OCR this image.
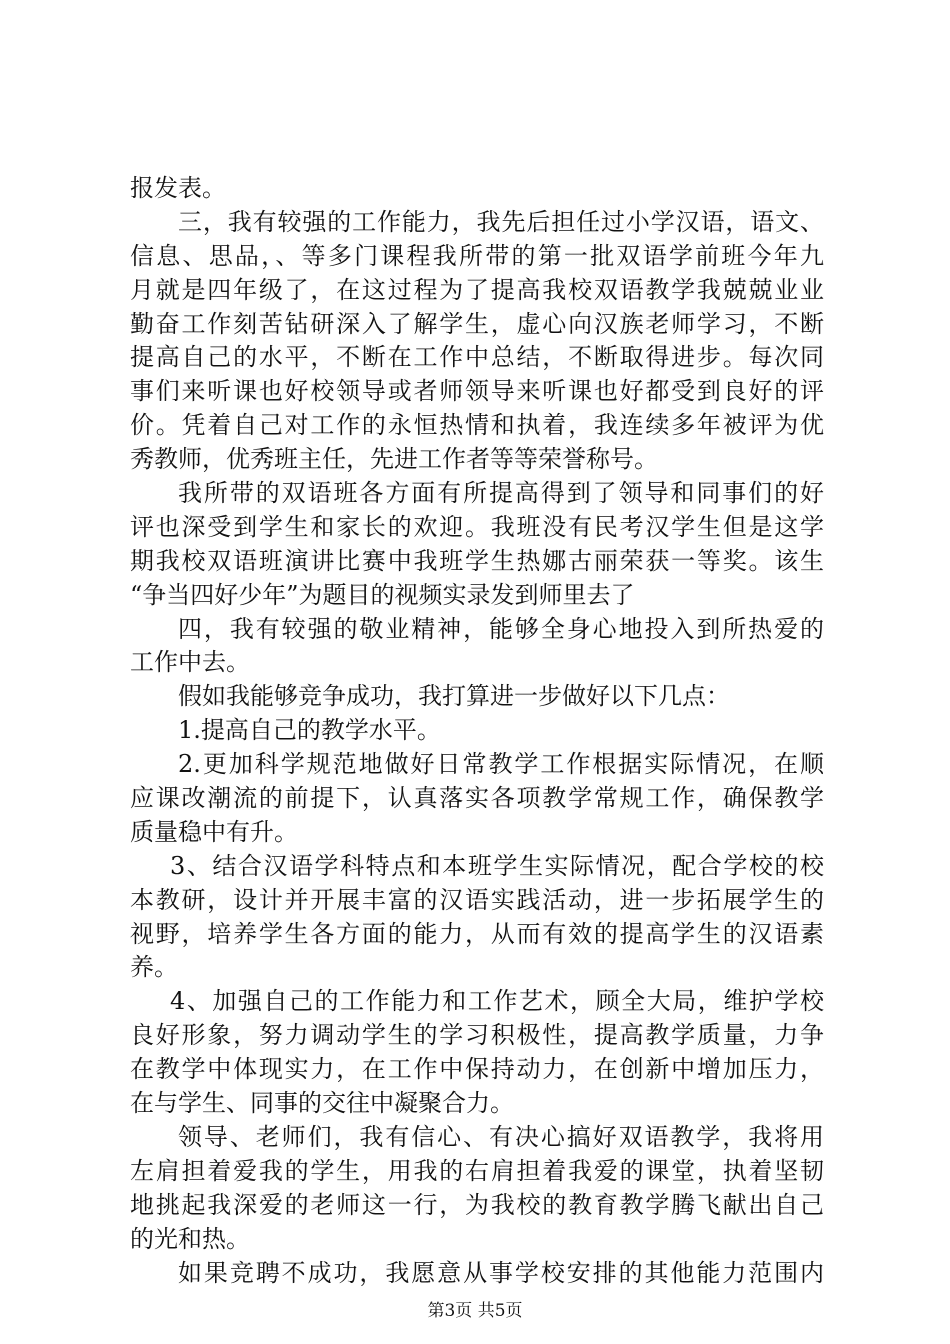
报发表。
三，我有较强的工作能力，我先后担任过小学汉语，语文、
信息、思品，、等多门课程我所带的第一批双语学前班今年九
月就是四年级了，在这过程为了提高我校双语教学我兢兢业业
勤奋工作刻苦钻研深入了解学生，虚心向汉族老师学习，不断
提高自己的水平，不断在工作中总结，不断取得进步。每次同
事们来听课也好校领导或者师领导来听课也好都受到良好的评
价。凭着自己对工作的永恒热情和执着，我连续多年被评为优
秀教师，优秀班主任，先进工作者等等荣誉称号。
我所带的双语班各方面有所提高得到了领导和同事们的好
评也深受到学生和家长的欢迎。我班没有民考汉学生但是这学
期我校双语班演讲比赛中我班学生热娜古丽荣获一等奖。该生
“争当四好少年”为题目的视频实录发到师里去了
四，我有较强的敬业精神，能够全身心地投入到所热爱的
工作中去。
假如我能够竞争成功，我打算进一步做好以下几点：
1.提高自己的教学水平。
2.更加科学规范地做好日常教学工作根据实际情况，在顺
应课改潮流的前提下，认真落实各项教学常规工作，确保教学
质量稳中有升。
3、结合汉语学科特点和本班学生实际情况，配合学校的校
本教研，设计并开展丰富的汉语实践活动，进一步拓展学生的
视野，培养学生各方面的能力，从而有效的提高学生的汉语素
养。
4、加强自己的工作能力和工作艺术，顾全大局，维护学校
良好形象，努力调动学生的学习积极性，提高教学质量，力争
在教学中体现实力，在工作中保持动力，在创新中增加压力，
在与学生、同事的交往中凝聚合力。
领导、老师们，我有信心、有决心搞好双语教学，我将用
左肩担着爱我的学生，用我的右肩担着我爱的课堂，执着坚韧
地挑起我深爱的老师这一行，为我校的教育教学腾飞献出自己
的光和热。
如果竞聘不成功，我愿意从事学校安排的其他能力范围内
第3页 共5页
